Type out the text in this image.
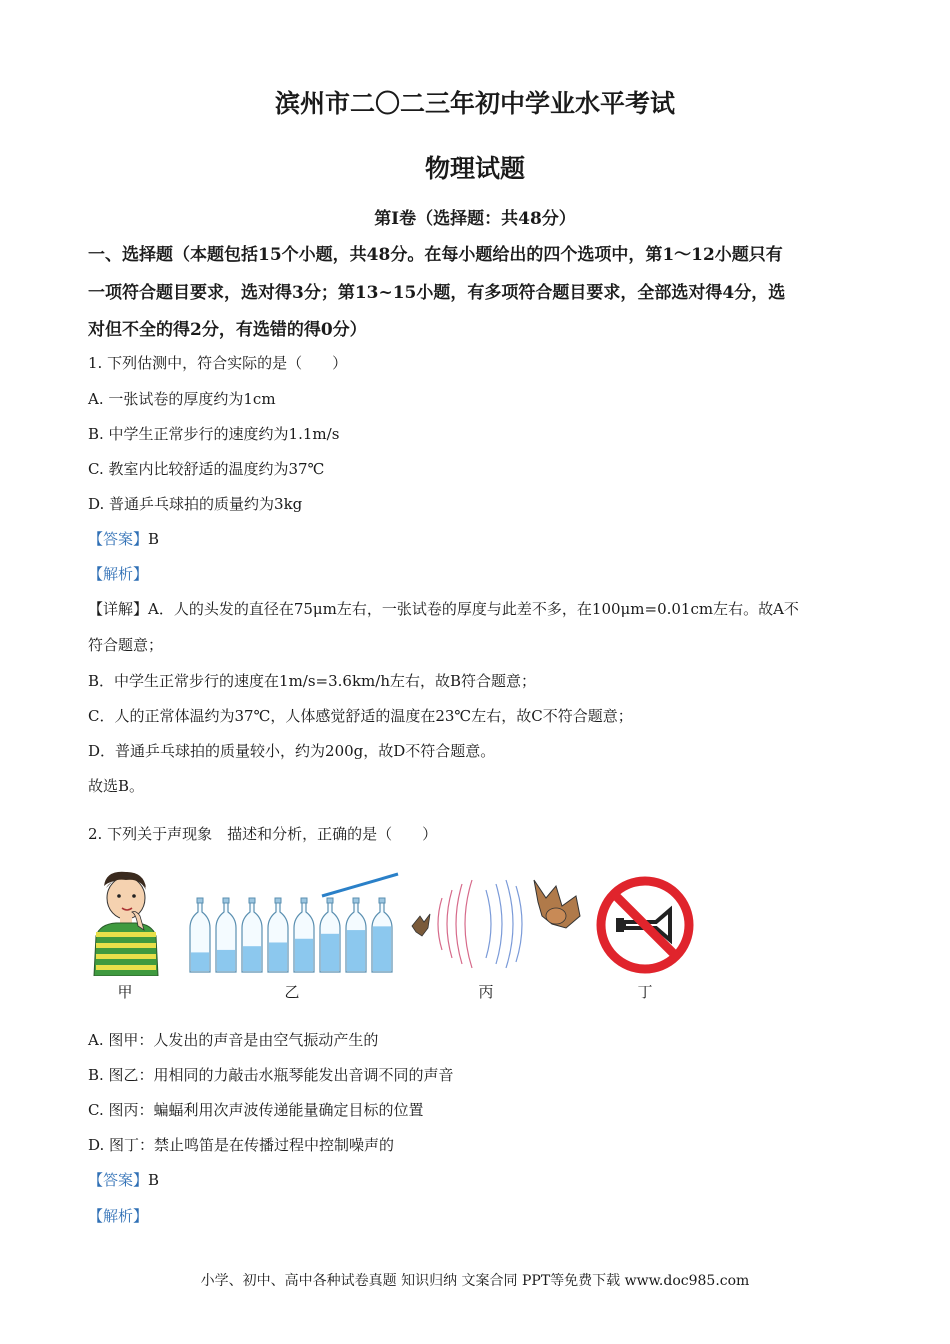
滨州市二〇二三年初中学业水平考试
物理试题
第I卷（选择题：共48分）
一、选择题（本题包括15个小题，共48分。在每小题给出的四个选项中，第1～12小题只有
一项符合题目要求，选对得3分；第13~15小题，有多项符合题目要求，全部选对得4分，选
对但不全的得2分，有选错的得0分）
1. 下列估测中，符合实际的是（　　）
A. 一张试卷的厚度约为1cm
B. 中学生正常步行的速度约为1.1m/s
C. 教室内比较舒适的温度约为37℃
D. 普通乒乓球拍的质量约为3kg
【答案】B
【解析】
【详解】A．人的头发的直径在75μm左右，一张试卷的厚度与此差不多，在100μm=0.01cm左右。故A不
符合题意；
B．中学生正常步行的速度在1m/s=3.6km/h左右，故B符合题意；
C．人的正常体温约为37℃，人体感觉舒适的温度在23℃左右，故C不符合题意；
D．普通乒乓球拍的质量较小，约为200g，故D不符合题意。
故选B。
2. 下列关于声现象　描述和分析，正确的是（　　）
甲	乙	丙	丁
A. 图甲：人发出的声音是由空气振动产生的
B. 图乙：用相同的力敲击水瓶琴能发出音调不同的声音
C. 图丙：蝙蝠利用次声波传递能量确定目标的位置
D. 图丁：禁止鸣笛是在传播过程中控制噪声的
【答案】B
【解析】
小学、初中、高中各种试卷真题 知识归纳 文案合同 PPT等免费下载 www.doc985.com
